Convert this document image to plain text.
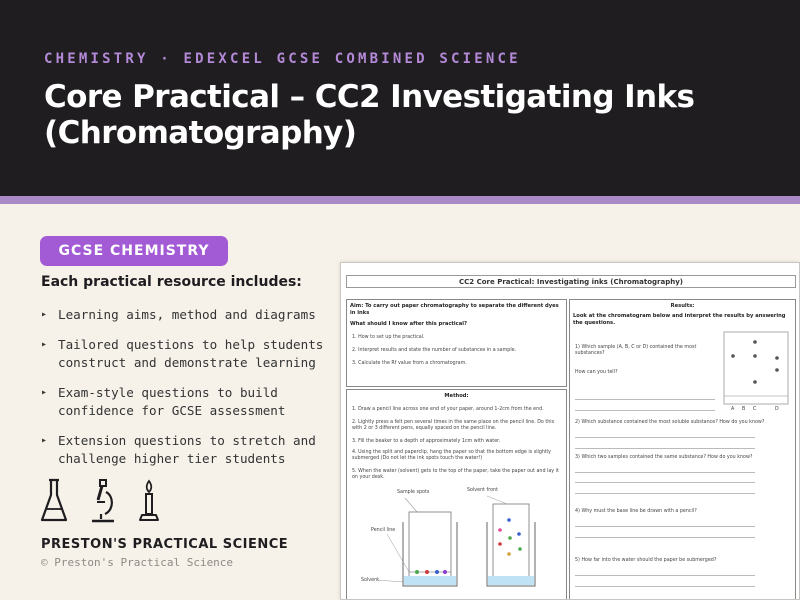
CHEMISTRY · EDEXCEL GCSE COMBINED SCIENCE
Core Practical – CC2 Investigating Inks (Chromatography)
GCSE CHEMISTRY
Each practical resource includes:
▸ Learning aims, method and diagrams
▸ Tailored questions to help students construct and demonstrate learning
▸ Exam-style questions to build confidence for GCSE assessment
▸ Extension questions to stretch and challenge higher tier students
PRESTON'S PRACTICAL SCIENCE
© Preston's Practical Science
CC2 Core Practical: Investigating inks (Chromatography)
Aim: To carry out paper chromatography to separate the different dyes in inks
What should I know after this practical?
1. How to set up the practical.
2. Interpret results and state the number of substances in a sample.
3. Calculate the Rf value from a chromatogram.
Method:
1. Draw a pencil line across one end of your paper, around 1-2cm from the end.
2. Lightly press a felt pen several times in the same place on the pencil line. Do this with 2 or 3 different pens, equally spaced on the pencil line.
3. Fill the beaker to a depth of approximately 1cm with water.
4. Using the split and paperclip, hang the paper so that the bottom edge is slightly submerged (Do not let the ink spots touch the water!)
5. When the water (solvent) gets to the top of the paper, take the paper out and lay it on your desk.
Sample spots	Solvent front
Pencil line
Solvent
Results:
Look at the chromatogram below and interpret the results by answering the questions.
1) Which sample (A, B, C or D) contained the most substances?
How can you tell?
A B C	D
2) Which substance contained the most soluble substance? How do you know?
3) Which two samples contained the same substance? How do you know?
4) Why must the base line be drawn with a pencil?
5) How far into the water should the paper be submerged?
